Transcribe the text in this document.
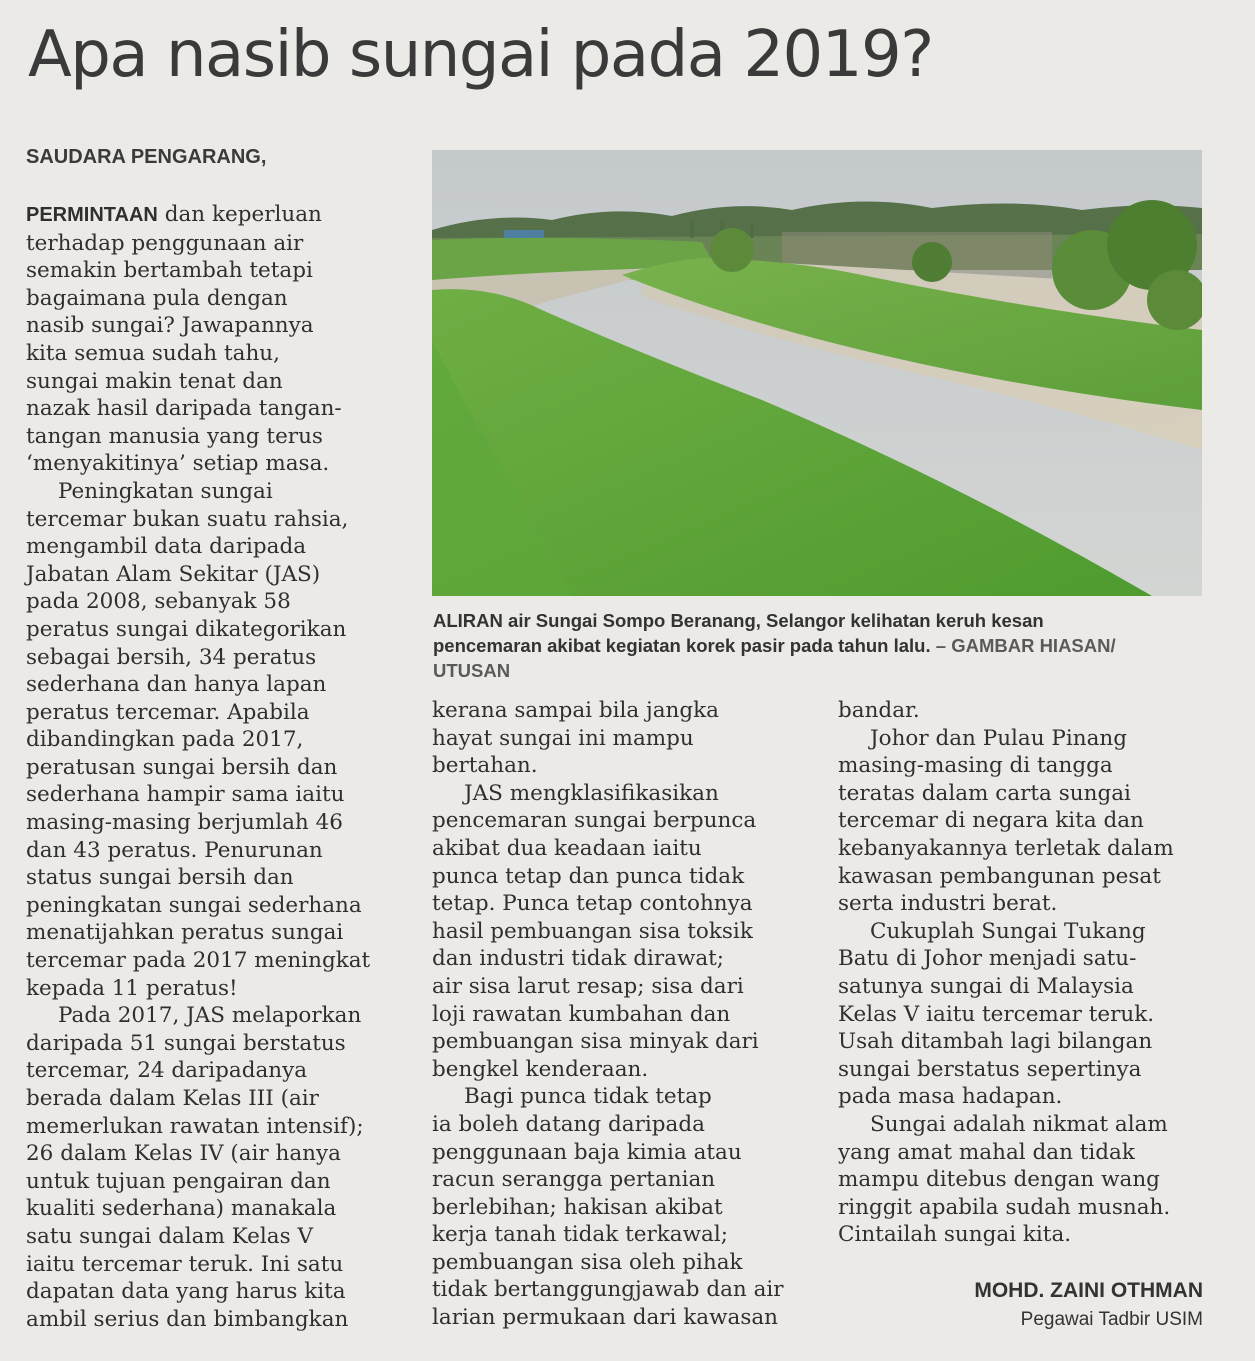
Apa nasib sungai pada 2019?
SAUDARA PENGARANG,

PERMINTAAN dan keperluan

terhadap penggunaan air

semakin bertambah tetapi

bagaimana pula dengan

nasib sungai? Jawapannya

kita semua sudah tahu,

sungai makin tenat dan

nazak hasil daripada tangan-

tangan manusia yang terus

‘menyakitinya’ setiap masa.

Peningkatan sungai

tercemar bukan suatu rahsia,

mengambil data daripada

Jabatan Alam Sekitar (JAS)

pada 2008, sebanyak 58

peratus sungai dikategorikan

sebagai bersih, 34 peratus

sederhana dan hanya lapan

peratus tercemar. Apabila

dibandingkan pada 2017,

peratusan sungai bersih dan

sederhana hampir sama iaitu

masing-masing berjumlah 46

dan 43 peratus. Penurunan

status sungai bersih dan

peningkatan sungai sederhana

menatijahkan peratus sungai

tercemar pada 2017 meningkat

kepada 11 peratus!

Pada 2017, JAS melaporkan

daripada 51 sungai berstatus

tercemar, 24 daripadanya

berada dalam Kelas III (air

memerlukan rawatan intensif);

26 dalam Kelas IV (air hanya

untuk tujuan pengairan dan

kualiti sederhana) manakala

satu sungai dalam Kelas V

iaitu tercemar teruk. Ini satu

dapatan data yang harus kita

ambil serius dan bimbangkan

ALIRAN air Sungai Sompo Beranang, Selangor kelihatan keruh kesan
pencemaran akibat kegiatan korek pasir pada tahun lalu. – GAMBAR HIASAN/
UTUSAN

kerana sampai bila jangka

hayat sungai ini mampu

bertahan.

JAS mengklasifikasikan

pencemaran sungai berpunca

akibat dua keadaan iaitu

punca tetap dan punca tidak

tetap. Punca tetap contohnya

hasil pembuangan sisa toksik

dan industri tidak dirawat;

air sisa larut resap; sisa dari

loji rawatan kumbahan dan

pembuangan sisa minyak dari

bengkel kenderaan.

Bagi punca tidak tetap

ia boleh datang daripada

penggunaan baja kimia atau

racun serangga pertanian

berlebihan; hakisan akibat

kerja tanah tidak terkawal;

pembuangan sisa oleh pihak

tidak bertanggungjawab dan air

larian permukaan dari kawasan

bandar.

Johor dan Pulau Pinang

masing-masing di tangga

teratas dalam carta sungai

tercemar di negara kita dan

kebanyakannya terletak dalam

kawasan pembangunan pesat

serta industri berat.

Cukuplah Sungai Tukang

Batu di Johor menjadi satu-

satunya sungai di Malaysia

Kelas V iaitu tercemar teruk.

Usah ditambah lagi bilangan

sungai berstatus sepertinya

pada masa hadapan.

Sungai adalah nikmat alam

yang amat mahal dan tidak

mampu ditebus dengan wang

ringgit apabila sudah musnah.

Cintailah sungai kita.

MOHD. ZAINI OTHMAN
Pegawai Tadbir USIM
